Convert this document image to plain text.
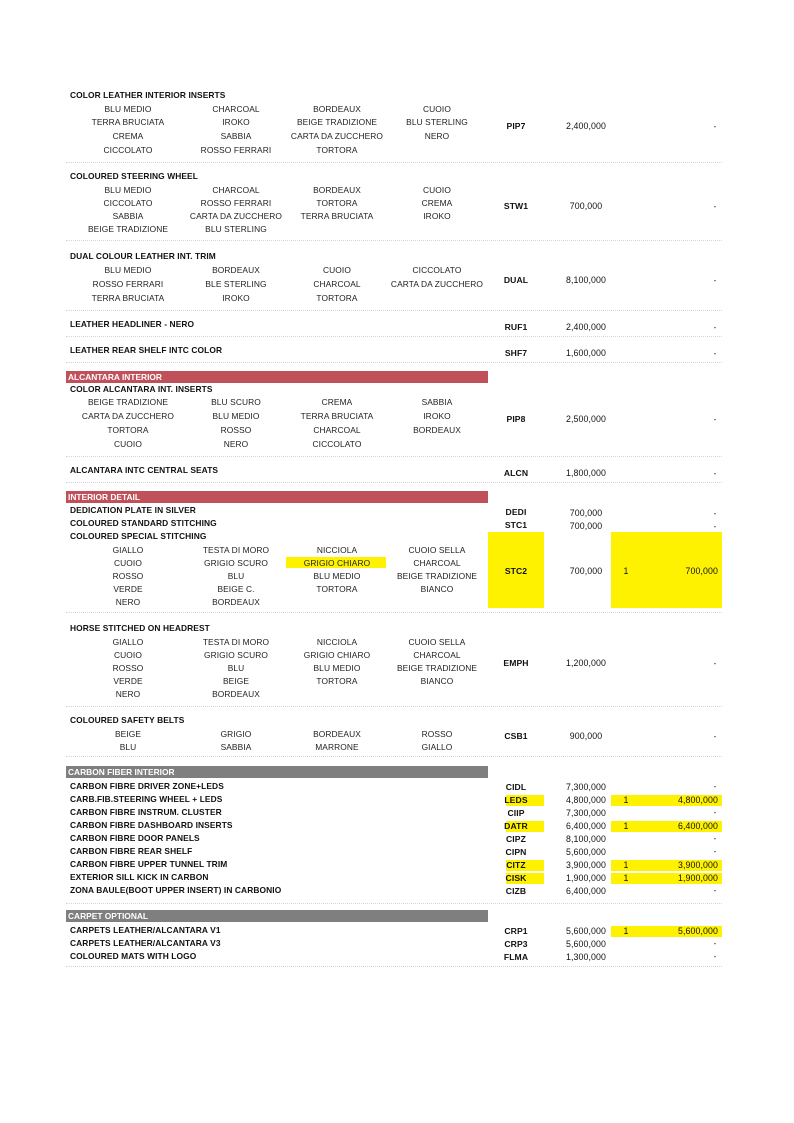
COLOR LEATHER INTERIOR INSERTS
BLU MEDIO	CHARCOAL	BORDEAUX	CUOIO
TERRA BRUCIATA	IROKO	BEIGE TRADIZIONE	BLU STERLING
CREMA	SABBIA	CARTA DA ZUCCHERO	NERO
CICCOLATO	ROSSO FERRARI	TORTORA
PIP7	2,400,000	-
COLOURED STEERING WHEEL
BLU MEDIO	CHARCOAL	BORDEAUX	CUOIO
CICCOLATO	ROSSO FERRARI	TORTORA	CREMA
SABBIA	CARTA DA ZUCCHERO	TERRA BRUCIATA	IROKO
BEIGE TRADIZIONE	BLU STERLING
STW1	700,000	-
DUAL COLOUR LEATHER INT. TRIM
BLU MEDIO	BORDEAUX	CUOIO	CICCOLATO
ROSSO FERRARI	BLE STERLING	CHARCOAL	CARTA DA ZUCCHERO
TERRA BRUCIATA	IROKO	TORTORA
DUAL	8,100,000	-
LEATHER HEADLINER - NERO	RUF1	2,400,000	-
LEATHER REAR SHELF INTC COLOR	SHF7	1,600,000	-
ALCANTARA INTERIOR
COLOR ALCANTARA INT. INSERTS
BEIGE TRADIZIONE	BLU SCURO	CREMA	SABBIA
CARTA DA ZUCCHERO	BLU MEDIO	TERRA BRUCIATA	IROKO
TORTORA	ROSSO	CHARCOAL	BORDEAUX
CUOIO	NERO	CICCOLATO
PIP8	2,500,000	-
ALCANTARA INTC CENTRAL SEATS	ALCN	1,800,000	-
INTERIOR DETAIL
DEDICATION PLATE IN SILVER	DEDI	700,000	-
COLOURED STANDARD STITCHING	STC1	700,000	-
COLOURED SPECIAL STITCHING
GIALLO	TESTA DI MORO	NICCIOLA	CUOIO SELLA
CUOIO	GRIGIO SCURO	GRIGIO CHIARO	CHARCOAL
ROSSO	BLU	BLU MEDIO	BEIGE TRADIZIONE
VERDE	BEIGE C.	TORTORA	BIANCO
NERO	BORDEAUX
STC2	700,000	1	700,000
HORSE STITCHED ON HEADREST
GIALLO	TESTA DI MORO	NICCIOLA	CUOIO SELLA
CUOIO	GRIGIO SCURO	GRIGIO CHIARO	CHARCOAL
ROSSO	BLU	BLU MEDIO	BEIGE TRADIZIONE
VERDE	BEIGE	TORTORA	BIANCO
NERO	BORDEAUX
EMPH	1,200,000	-
COLOURED SAFETY BELTS
BEIGE	GRIGIO	BORDEAUX	ROSSO
BLU	SABBIA	MARRONE	GIALLO
CSB1	900,000	-
CARBON FIBER INTERIOR
CARBON FIBRE DRIVER ZONE+LEDS	CIDL	7,300,000	-
CARB.FIB.STEERING WHEEL + LEDS	LEDS	4,800,000	1	4,800,000
CARBON FIBRE INSTRUM. CLUSTER	CIIP	7,300,000	-
CARBON FIBRE DASHBOARD INSERTS	DATR	6,400,000	1	6,400,000
CARBON FIBRE DOOR PANELS	CIPZ	8,100,000	-
CARBON FIBRE REAR SHELF	CIPN	5,600,000	-
CARBON FIBRE UPPER TUNNEL TRIM	CITZ	3,900,000	1	3,900,000
EXTERIOR SILL KICK IN CARBON	CISK	1,900,000	1	1,900,000
ZONA BAULE(BOOT UPPER INSERT) IN CARBONIO	CIZB	6,400,000	-
CARPET OPTIONAL
CARPETS LEATHER/ALCANTARA V1	CRP1	5,600,000	1	5,600,000
CARPETS LEATHER/ALCANTARA V3	CRP3	5,600,000	-
COLOURED MATS WITH LOGO	FLMA	1,300,000	-
